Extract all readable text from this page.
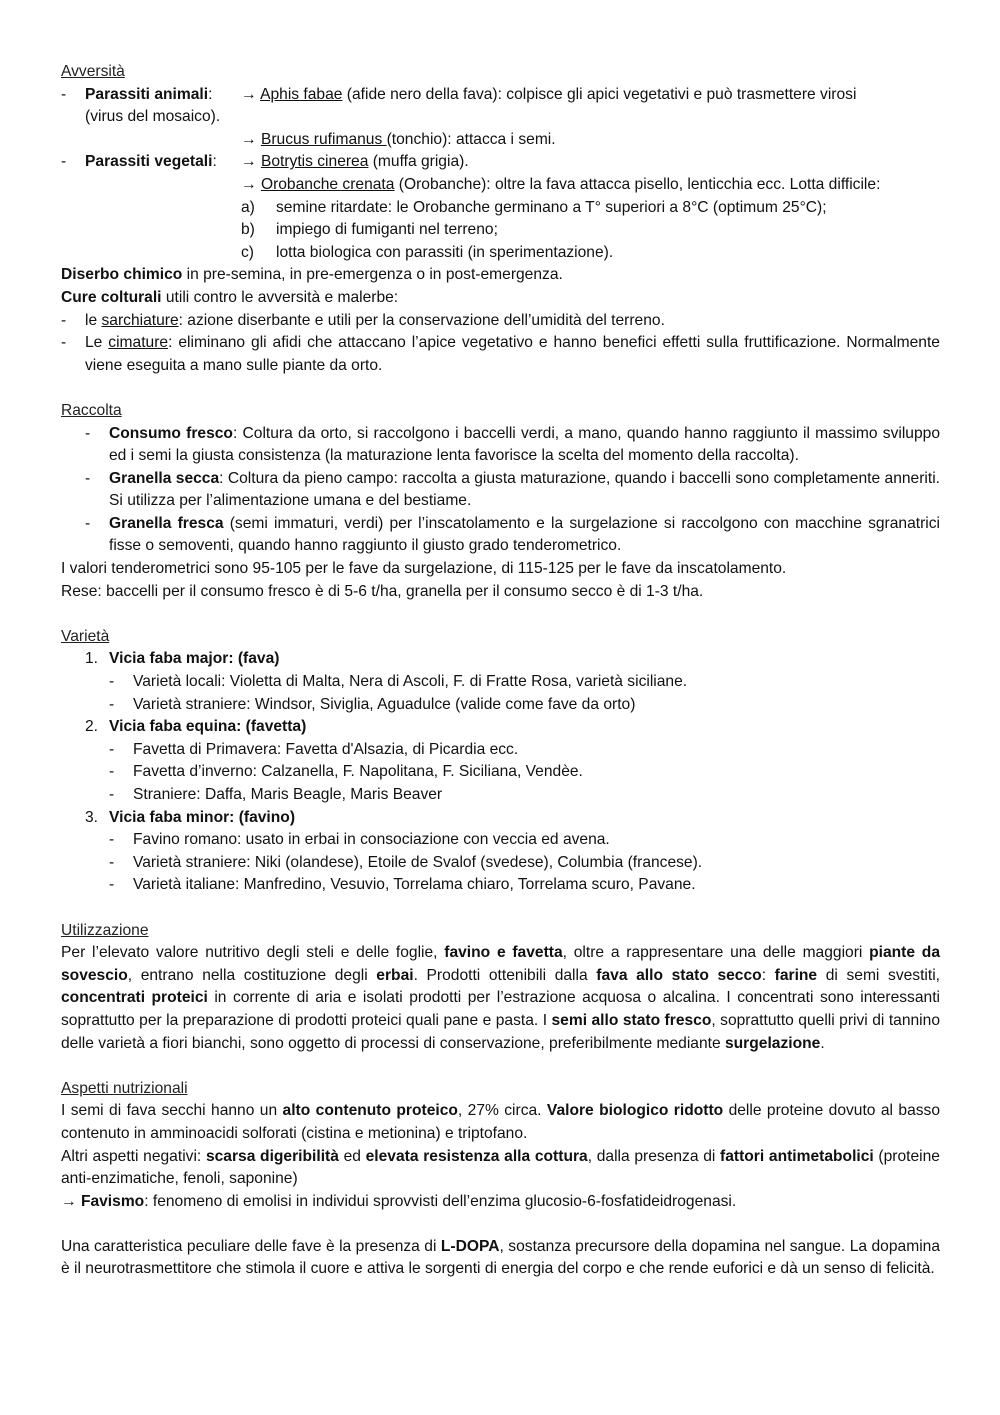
Avversità

-	Parassiti animali:	→ Aphis fabae (afide nero della fava): colpisce gli apici vegetativi e può trasmettere virosi

(virus del mosaico).

→ Brucus rufimanus (tonchio): attacca i semi.

-	Parassiti vegetali:	→ Botrytis cinerea (muffa grigia).

→ Orobanche crenata (Orobanche): oltre la fava attacca pisello, lenticchia ecc. Lotta difficile:

a)	semine ritardate: le Orobanche germinano a T° superiori a 8°C (optimum 25°C);
b)	impiego di fumiganti nel terreno;
c)	lotta biologica con parassiti (in sperimentazione).

Diserbo chimico in pre-semina, in pre-emergenza o in post-emergenza.

Cure colturali utili contro le avversità e malerbe:

-	le sarchiature: azione diserbante e utili per la conservazione dell’umidità del terreno.
-	Le cimature: eliminano gli afidi che attaccano l’apice vegetativo e hanno benefici effetti sulla fruttificazione. Normalmente viene eseguita a mano sulle piante da orto.

Raccolta

-	Consumo fresco: Coltura da orto, si raccolgono i baccelli verdi, a mano, quando hanno raggiunto il massimo sviluppo ed i semi la giusta consistenza (la maturazione lenta favorisce la scelta del momento della raccolta).
-	Granella secca: Coltura da pieno campo: raccolta a giusta maturazione, quando i baccelli sono completamente anneriti. Si utilizza per l’alimentazione umana e del bestiame.
-	Granella fresca (semi immaturi, verdi) per l’inscatolamento e la surgelazione si raccolgono con macchine sgranatrici fisse o semoventi, quando hanno raggiunto il giusto grado tenderometrico.

I valori tenderometrici sono 95-105 per le fave da surgelazione, di 115-125 per le fave da inscatolamento.

Rese: baccelli per il consumo fresco è di 5-6 t/ha, granella per il consumo secco è di 1-3 t/ha.

Varietà

1. Vicia faba major: (fava)
-	Varietà locali: Violetta di Malta, Nera di Ascoli, F. di Fratte Rosa, varietà siciliane.
-	Varietà straniere: Windsor, Siviglia, Aguadulce (valide come fave da orto)
2. Vicia faba equina: (favetta)
-	Favetta di Primavera: Favetta d'Alsazia, di Picardia ecc.
-	Favetta d’inverno: Calzanella, F. Napolitana, F. Siciliana, Vendèe.
-	Straniere: Daffa, Maris Beagle, Maris Beaver
3. Vicia faba minor: (favino)
-	Favino romano: usato in erbai in consociazione con veccia ed avena.
-	Varietà straniere: Niki (olandese), Etoile de Svalof (svedese), Columbia (francese).
-	Varietà italiane: Manfredino, Vesuvio, Torrelama chiaro, Torrelama scuro, Pavane.

Utilizzazione

Per l’elevato valore nutritivo degli steli e delle foglie, favino e favetta, oltre a rappresentare una delle maggiori piante da sovescio, entrano nella costituzione degli erbai. Prodotti ottenibili dalla fava allo stato secco: farine di semi svestiti, concentrati proteici in corrente di aria e isolati prodotti per l’estrazione acquosa o alcalina. I concentrati sono interessanti soprattutto per la preparazione di prodotti proteici quali pane e pasta. I semi allo stato fresco, soprattutto quelli privi di tannino delle varietà a fiori bianchi, sono oggetto di processi di conservazione, preferibilmente mediante surgelazione.

Aspetti nutrizionali

I semi di fava secchi hanno un alto contenuto proteico, 27% circa. Valore biologico ridotto delle proteine dovuto al basso contenuto in amminoacidi solforati (cistina e metionina) e triptofano.

Altri aspetti negativi: scarsa digeribilità ed elevata resistenza alla cottura, dalla presenza di fattori antimetabolici (proteine anti-enzimatiche, fenoli, saponine)

→ Favismo: fenomeno di emolisi in individui sprovvisti dell’enzima glucosio-6-fosfatideidrogenasi.

Una caratteristica peculiare delle fave è la presenza di L-DOPA, sostanza precursore della dopamina nel sangue. La dopamina è il neurotrasmettitore che stimola il cuore e attiva le sorgenti di energia del corpo e che rende euforici e dà un senso di felicità.
